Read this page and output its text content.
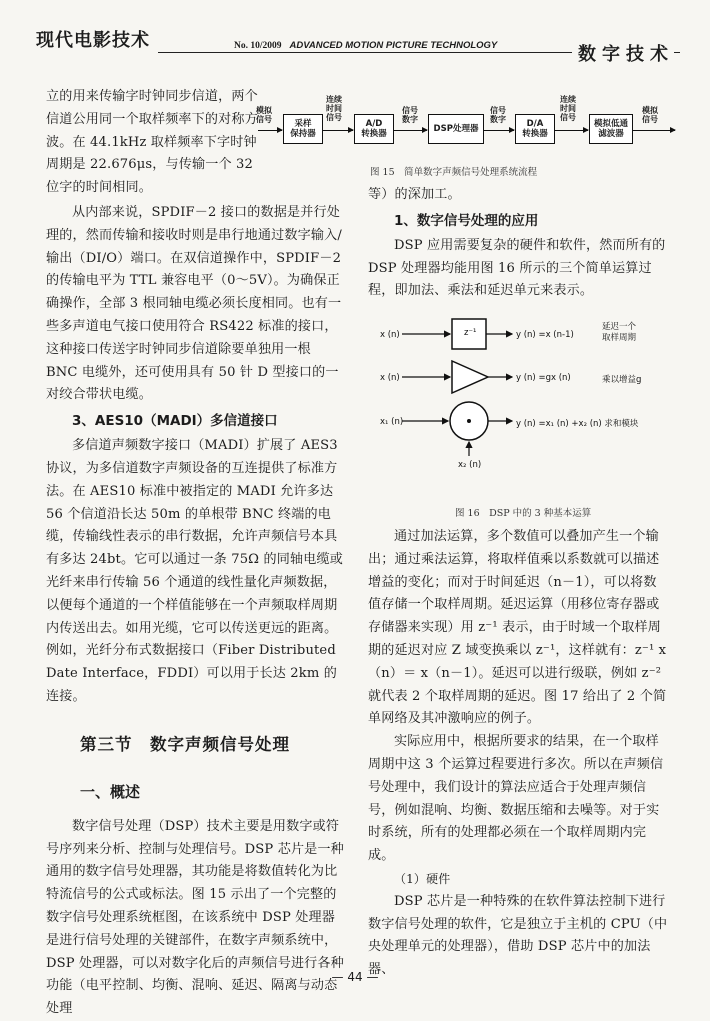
现代电影技术	No. 10/2009 ADVANCED MOTION PICTURE TECHNOLOGY	数字技术

立的用来传输字时钟同步信道，两个信道公用同一个取样频率下的对称方波。在 44.1kHz 取样频率下字时钟周期是 22.676μs，与传输一个 32 位字的时间相同。

从内部来说，SPDIF－2 接口的数据是并行处理的，然而传输和接收时则是串行地通过数字输入/输出（DI/O）端口。在双信道操作中，SPDIF－2 的传输电平为 TTL 兼容电平（0～5V）。为确保正确操作，全部 3 根同轴电缆必须长度相同。也有一些多声道电气接口使用符合 RS422 标准的接口，这种接口传送字时钟同步信道除要单独用一根 BNC 电缆外，还可使用具有 50 针 D 型接口的一对绞合带状电缆。

3、AES10（MADI）多信道接口

多信道声频数字接口（MADI）扩展了 AES3 协议，为多信道数字声频设备的互连提供了标准方法。在 AES10 标准中被指定的 MADI 允许多达 56 个信道沿长达 50m 的单根带 BNC 终端的电缆，传输线性表示的串行数据，允许声频信号本具有多达 24bt。它可以通过一条 75Ω 的同轴电缆或光纤来串行传输 56 个通道的线性量化声频数据，以便每个通道的一个样值能够在一个声频取样周期内传送出去。如用光缆，它可以传送更远的距离。例如，光纤分布式数据接口（Fiber Distributed Date Interface，FDDI）可以用于长达 2km 的连接。

第三节　数字声频信号处理
一、概述

数字信号处理（DSP）技术主要是用数字或符号序列来分析、控制与处理信号。DSP 芯片是一种通用的数字信号处理器，其功能是将数值转化为比特流信号的公式或标法。图 15 示出了一个完整的数字信号处理系统框图，在该系统中 DSP 处理器是进行信号处理的关键部件，在数字声频系统中，DSP 处理器，可以对数字化后的声频信号进行各种功能（电平控制、均衡、混响、延迟、隔离与动态处理

模拟
信号	采样
保持器
连续
时间
信号
A/D
转换器
信号
数字
DSP处理器
信号
数字	D/A
转换器
连续
时间
信号
模拟低通
滤波器
模拟
信号
图 15　简单数字声频信号处理系统流程

等）的深加工。

1、数字信号处理的应用

DSP 应用需要复杂的硬件和软件，然而所有的 DSP 处理器均能用图 16 所示的三个简单运算过程，即加法、乘法和延迟单元来表示。

x (n)	z⁻¹	y (n) =x (n-1)
延迟一个
取样周期
x (n)	y (n) =gx (n)	乘以增益g
x₁ (n)	y (n) =x₁ (n) +x₂ (n) 求和模块
x₂ (n)
图 16　DSP 中的 3 种基本运算

通过加法运算，多个数值可以叠加产生一个输出；通过乘法运算，将取样值乘以系数就可以描述增益的变化；而对于时间延迟（n－1），可以将数值存储一个取样周期。延迟运算（用移位寄存器或存储器来实现）用 z⁻¹ 表示，由于时域一个取样周期的延迟对应 Z 域变换乘以 z⁻¹，这样就有：z⁻¹ x（n）＝ x（n－1）。延迟可以进行级联，例如 z⁻² 就代表 2 个取样周期的延迟。图 17 给出了 2 个简单网络及其冲激响应的例子。

实际应用中，根据所要求的结果，在一个取样周期中这 3 个运算过程要进行多次。所以在声频信号处理中，我们设计的算法应适合于处理声频信号，例如混响、均衡、数据压缩和去噪等。对于实时系统，所有的处理都必须在一个取样周期内完成。

（1）硬件

DSP 芯片是一种特殊的在软件算法控制下进行数字信号处理的软件，它是独立于主机的 CPU（中央处理单元的处理器），借助 DSP 芯片中的加法器、

— 44 —
